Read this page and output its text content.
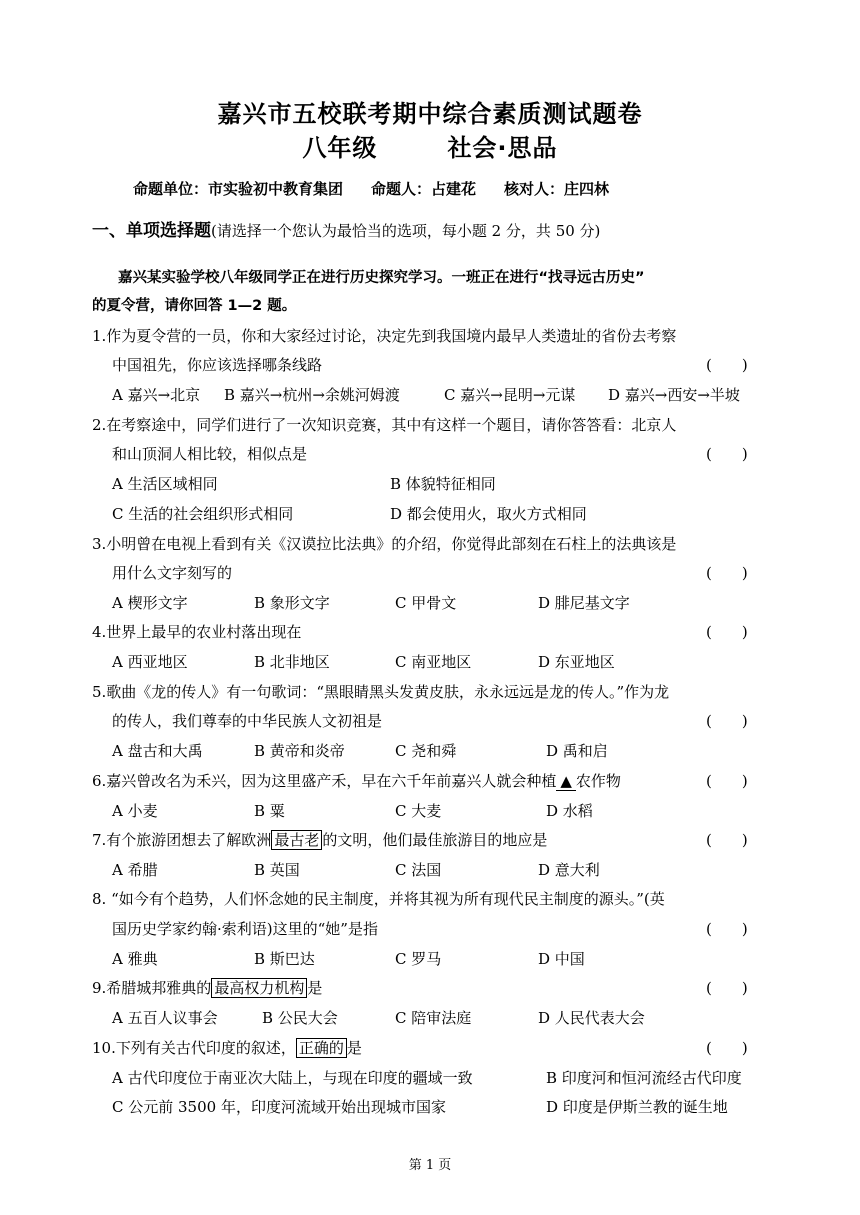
嘉兴市五校联考期中综合素质测试题卷
八年级	社会·思品
命题单位：市实验初中教育集团 命题人：占建花 核对人：庄四林
一、单项选择题(请选择一个您认为最恰当的选项，每小题 2 分，共 50 分)
嘉兴某实验学校八年级同学正在进行历史探究学习。一班正在进行“找寻远古历史”
的夏令营，请你回答 1—2 题。
1.作为夏令营的一员，你和大家经过讨论，决定先到我国境内最早人类遗址的省份去考察
中国祖先，你应该选择哪条线路	(　　)
A 嘉兴→北京 B 嘉兴→杭州→余姚河姆渡	C 嘉兴→昆明→元谋 D 嘉兴→西安→半坡
2.在考察途中，同学们进行了一次知识竞赛，其中有这样一个题目，请你答答看：北京人
和山顶洞人相比较，相似点是	(　　)
A 生活区域相同	B 体貌特征相同
C 生活的社会组织形式相同	D 都会使用火，取火方式相同
3.小明曾在电视上看到有关《汉谟拉比法典》的介绍，你觉得此部刻在石柱上的法典该是
用什么文字刻写的	(　　)
A 楔形文字	B 象形文字	C 甲骨文	D 腓尼基文字
4.世界上最早的农业村落出现在	(　　)
A 西亚地区	B 北非地区	C 南亚地区	D 东亚地区
5.歌曲《龙的传人》有一句歌词：“黑眼睛黑头发黄皮肤，永永远远是龙的传人。”作为龙
的传人，我们尊奉的中华民族人文初祖是	(　　)
A 盘古和大禹	B 黄帝和炎帝	C 尧和舜	D 禹和启
6.嘉兴曾改名为禾兴，因为这里盛产禾，早在六千年前嘉兴人就会种植 ▲ 农作物	(　　)
A 小麦	B 粟	C 大麦	D 水稻
7.有个旅游团想去了解欧洲 最古老 的文明，他们最佳旅游目的地应是	(　　)
A 希腊	B 英国	C 法国	D 意大利
8. “如今有个趋势，人们怀念她的民主制度，并将其视为所有现代民主制度的源头。”(英
国历史学家约翰·索利语)这里的“她”是指	(　　)
A 雅典	B 斯巴达	C 罗马	D 中国
9.希腊城邦雅典的 最高权力机构 是	(　　)
A 五百人议事会	B 公民大会	C 陪审法庭	D 人民代表大会
10.下列有关古代印度的叙述， 正确的 是	(　　)
A 古代印度位于南亚次大陆上，与现在印度的疆域一致	B 印度河和恒河流经古代印度
C 公元前 3500 年，印度河流域开始出现城市国家	D 印度是伊斯兰教的诞生地
第 1 页
